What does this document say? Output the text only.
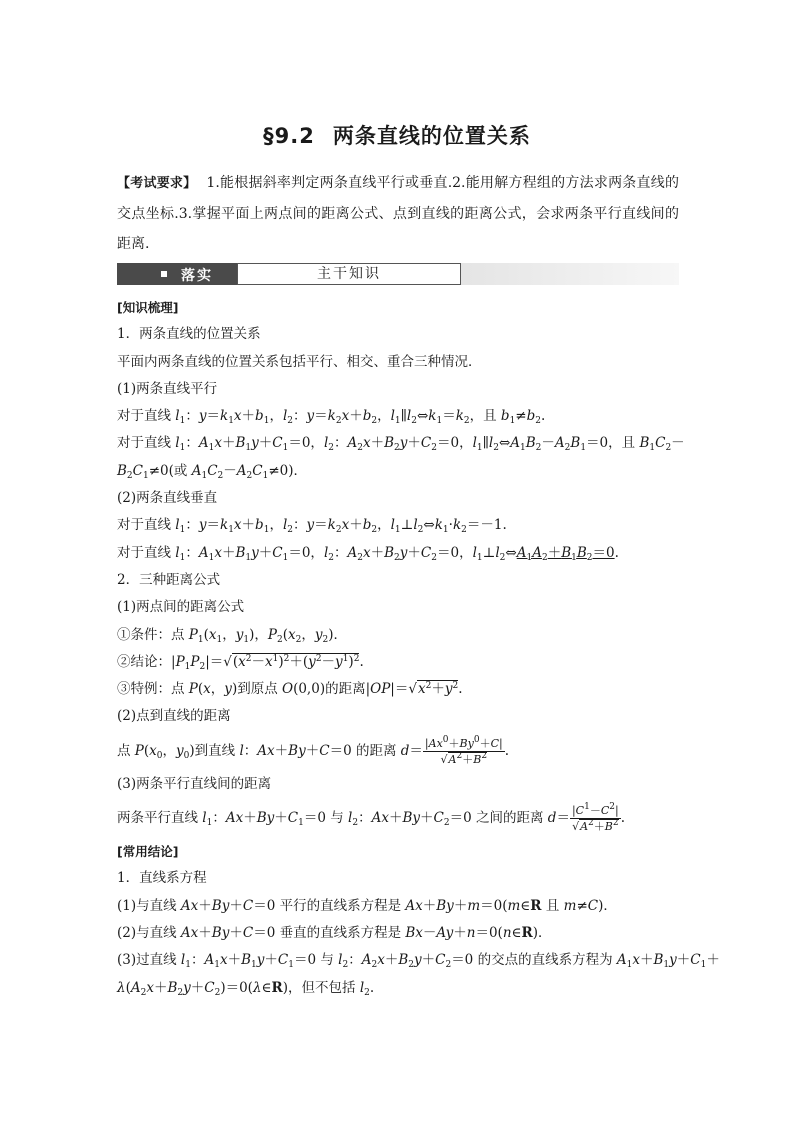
§9.2 两条直线的位置关系
【考试要求】 1.能根据斜率判定两条直线平行或垂直.2.能用解方程组的方法求两条直线的交点坐标.3.掌握平面上两点间的距离公式、点到直线的距离公式，会求两条平行直线间的距离.
落实	主干知识
[知识梳理]
1．两条直线的位置关系
平面内两条直线的位置关系包括平行、相交、重合三种情况．
(1)两条直线平行
对于直线 $l_1$：$y=k_1x+b_1$，$l_2$：$y=k_2x+b_2$，$l_1\parallel l_2\Leftrightarrow k_1=k_2$，且 $b_1\ne b_2$.
对于直线 $l_1$：$A_1x+B_1y+C_1=0$，$l_2$：$A_2x+B_2y+C_2=0$，$l_1\parallel l_2\Leftrightarrow A_1B_2-A_2B_1=0$，且 $B_1C_2-$
$B_2C_1\ne 0$(或 $A_1C_2-A_2C_1\ne 0$)．
(2)两条直线垂直
对于直线 $l_1$：$y=k_1x+b_1$，$l_2$：$y=k_2x+b_2$，$l_1\perp l_2\Leftrightarrow k_1\cdot k_2=-1$.
对于直线 $l_1$：$A_1x+B_1y+C_1=0$，$l_2$：$A_2x+B_2y+C_2=0$，$l_1\perp l_2\Leftrightarrow A_1A_2+B_1B_2=0$.
2．三种距离公式
(1)两点间的距离公式
①条件：点 $P_1(x_1$，$y_1$)，$P_2(x_2$，$y_2$)．
②结论：$|P_1P_2|=√(x^2-x^1)^2+(y^2-y^1)^2$.
③特例：点 P(x，y)到原点 O(0,0)的距离$|OP|=√x^2+y^2$.
(2)点到直线的距离
点 $P(x_0$，$y_0$)到直线 l：Ax＋By＋C＝0 的距离 $d= \frac{|Ax^0+By^0+C|}{√A^2+B^2}$ .
(3)两条平行直线间的距离
两条平行直线 $l_1$：$Ax+By+C_1=0$ 与 $l_2$：$Ax+By+C_2=0$ 之间的距离 $d= \frac{|C^1-C^2|}{√A^2+B^2}$ .
[常用结论]
1．直线系方程
(1)与直线 Ax＋By＋C＝0 平行的直线系方程是 Ax＋By＋m＝0(m∈R 且 m≠C)．
(2)与直线 Ax＋By＋C＝0 垂直的直线系方程是 Bx－Ay＋n＝0(n∈R)．
(3)过直线 $l_1$：$A_1x+B_1y+C_1=0$ 与 $l_2$：$A_2x+B_2y+C_2=0$ 的交点的直线系方程为 $A_1x+B_1y+C_1+$
$\lambda(A_2x+B_2y+C_2)=0(\lambda\in R)$，但不包括 $l_2$.
